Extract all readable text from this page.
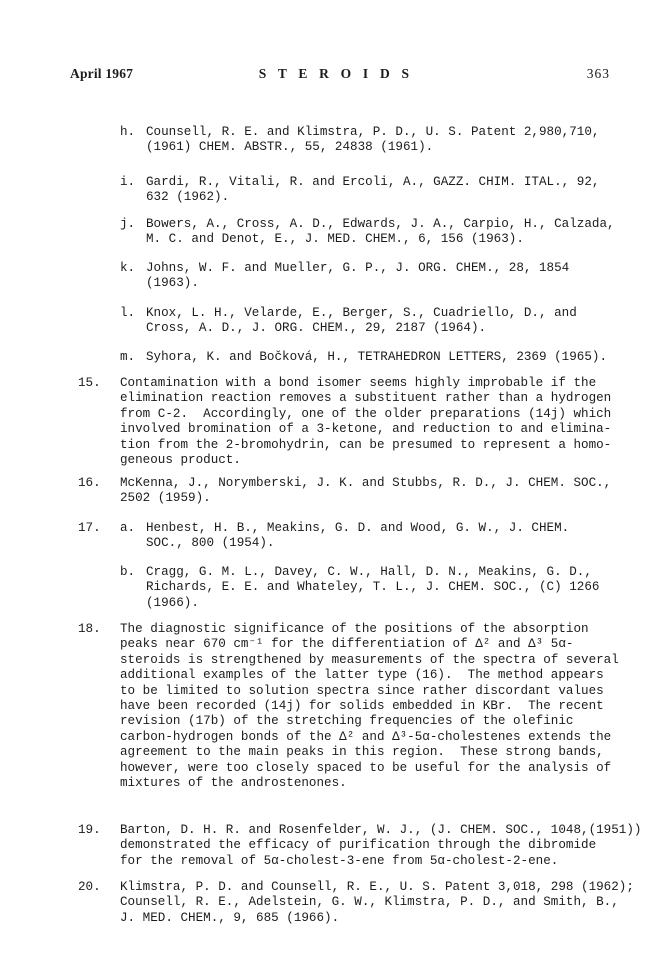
April 1967	S T E R O I D S	363
h. Counsell, R. E. and Klimstra, P. D., U. S. Patent 2,980,710,
(1961) CHEM. ABSTR., 55, 24838 (1961).
i. Gardi, R., Vitali, R. and Ercoli, A., GAZZ. CHIM. ITAL., 92,
632 (1962).
j. Bowers, A., Cross, A. D., Edwards, J. A., Carpio, H., Calzada,
M. C. and Denot, E., J. MED. CHEM., 6, 156 (1963).
k. Johns, W. F. and Mueller, G. P., J. ORG. CHEM., 28, 1854
(1963).
l. Knox, L. H., Velarde, E., Berger, S., Cuadriello, D., and
Cross, A. D., J. ORG. CHEM., 29, 2187 (1964).
m. Syhora, K. and Bočková, H., TETRAHEDRON LETTERS, 2369 (1965).
15. Contamination with a bond isomer seems highly improbable if the
elimination reaction removes a substituent rather than a hydrogen
from C-2.  Accordingly, one of the older preparations (14j) which
involved bromination of a 3-ketone, and reduction to and elimina-
tion from the 2-bromohydrin, can be presumed to represent a homo-
geneous product.
16. McKenna, J., Norymberski, J. K. and Stubbs, R. D., J. CHEM. SOC.,
2502 (1959).
17. a. Henbest, H. B., Meakins, G. D. and Wood, G. W., J. CHEM.
SOC., 800 (1954).
b. Cragg, G. M. L., Davey, C. W., Hall, D. N., Meakins, G. D.,
Richards, E. E. and Whateley, T. L., J. CHEM. SOC., (C) 1266
(1966).
18. The diagnostic significance of the positions of the absorption
peaks near 670 cm⁻¹ for the differentiation of Δ² and Δ³ 5α-
steroids is strengthened by measurements of the spectra of several
additional examples of the latter type (16).  The method appears
to be limited to solution spectra since rather discordant values
have been recorded (14j) for solids embedded in KBr.  The recent
revision (17b) of the stretching frequencies of the olefinic
carbon-hydrogen bonds of the Δ² and Δ³-5α-cholestenes extends the
agreement to the main peaks in this region.  These strong bands,
however, were too closely spaced to be useful for the analysis of
mixtures of the androstenones.
19. Barton, D. H. R. and Rosenfelder, W. J., (J. CHEM. SOC., 1048,(1951))
demonstrated the efficacy of purification through the dibromide
for the removal of 5α-cholest-3-ene from 5α-cholest-2-ene.
20. Klimstra, P. D. and Counsell, R. E., U. S. Patent 3,018, 298 (1962);
Counsell, R. E., Adelstein, G. W., Klimstra, P. D., and Smith, B.,
J. MED. CHEM., 9, 685 (1966).
